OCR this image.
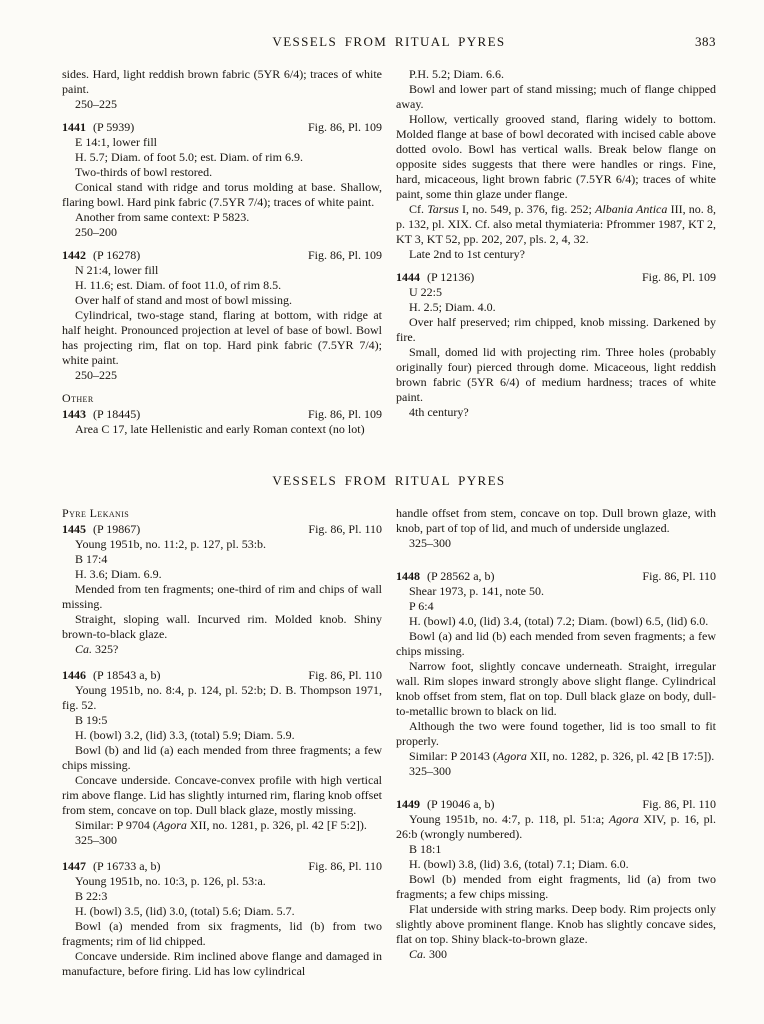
VESSELS FROM RITUAL PYRES	383

sides. Hard, light reddish brown fabric (5YR 6/4); traces of white paint.

250–225

1441 (P 5939)	Fig. 86, Pl. 109

E 14:1, lower fill

H. 5.7; Diam. of foot 5.0; est. Diam. of rim 6.9.

Two-thirds of bowl restored.

Conical stand with ridge and torus molding at base. Shallow, flaring bowl. Hard pink fabric (7.5YR 7/4); traces of white paint.

Another from same context: P 5823.

250–200

1442 (P 16278)	Fig. 86, Pl. 109

N 21:4, lower fill

H. 11.6; est. Diam. of foot 11.0, of rim 8.5.

Over half of stand and most of bowl missing.

Cylindrical, two-stage stand, flaring at bottom, with ridge at half height. Pronounced projection at level of base of bowl. Bowl has projecting rim, flat on top. Hard pink fabric (7.5YR 7/4); white paint.

250–225

Other
1443 (P 18445)	Fig. 86, Pl. 109

Area C 17, late Hellenistic and early Roman context (no lot)

P.H. 5.2; Diam. 6.6.

Bowl and lower part of stand missing; much of flange chipped away.

Hollow, vertically grooved stand, flaring widely to bottom. Molded flange at base of bowl decorated with incised cable above dotted ovolo. Bowl has vertical walls. Break below flange on opposite sides suggests that there were handles or rings. Fine, hard, micaceous, light brown fabric (7.5YR 6/4); traces of white paint, some thin glaze under flange.

Cf. Tarsus I, no. 549, p. 376, fig. 252; Albania Antica III, no. 8, p. 132, pl. XIX. Cf. also metal thymiateria: Pfrommer 1987, KT 2, KT 3, KT 52, pp. 202, 207, pls. 2, 4, 32.

Late 2nd to 1st century?

1444 (P 12136)	Fig. 86, Pl. 109

U 22:5

H. 2.5; Diam. 4.0.

Over half preserved; rim chipped, knob missing. Darkened by fire.

Small, domed lid with projecting rim. Three holes (probably originally four) pierced through dome. Micaceous, light reddish brown fabric (5YR 6/4) of medium hardness; traces of white paint.

4th century?

VESSELS FROM RITUAL PYRES
Pyre Lekanis
1445 (P 19867)	Fig. 86, Pl. 110

Young 1951b, no. 11:2, p. 127, pl. 53:b.

B 17:4

H. 3.6; Diam. 6.9.

Mended from ten fragments; one-third of rim and chips of wall missing.

Straight, sloping wall. Incurved rim. Molded knob. Shiny brown-to-black glaze.

Ca. 325?

1446 (P 18543 a, b)	Fig. 86, Pl. 110

Young 1951b, no. 8:4, p. 124, pl. 52:b; D. B. Thompson 1971, fig. 52.

B 19:5

H. (bowl) 3.2, (lid) 3.3, (total) 5.9; Diam. 5.9.

Bowl (b) and lid (a) each mended from three fragments; a few chips missing.

Concave underside. Concave-convex profile with high vertical rim above flange. Lid has slightly inturned rim, flaring knob offset from stem, concave on top. Dull black glaze, mostly missing.

Similar: P 9704 (Agora XII, no. 1281, p. 326, pl. 42 [F 5:2]).

325–300

1447 (P 16733 a, b)	Fig. 86, Pl. 110

Young 1951b, no. 10:3, p. 126, pl. 53:a.

B 22:3

H. (bowl) 3.5, (lid) 3.0, (total) 5.6; Diam. 5.7.

Bowl (a) mended from six fragments, lid (b) from two fragments; rim of lid chipped.

Concave underside. Rim inclined above flange and damaged in manufacture, before firing. Lid has low cylindrical

handle offset from stem, concave on top. Dull brown glaze, with knob, part of top of lid, and much of underside unglazed.

325–300

1448 (P 28562 a, b)	Fig. 86, Pl. 110

Shear 1973, p. 141, note 50.

P 6:4

H. (bowl) 4.0, (lid) 3.4, (total) 7.2; Diam. (bowl) 6.5, (lid) 6.0.

Bowl (a) and lid (b) each mended from seven fragments; a few chips missing.

Narrow foot, slightly concave underneath. Straight, irregular wall. Rim slopes inward strongly above slight flange. Cylindrical knob offset from stem, flat on top. Dull black glaze on body, dull-to-metallic brown to black on lid.

Although the two were found together, lid is too small to fit properly.

Similar: P 20143 (Agora XII, no. 1282, p. 326, pl. 42 [B 17:5]).

325–300

1449 (P 19046 a, b)	Fig. 86, Pl. 110

Young 1951b, no. 4:7, p. 118, pl. 51:a; Agora XIV, p. 16, pl. 26:b (wrongly numbered).

B 18:1

H. (bowl) 3.8, (lid) 3.6, (total) 7.1; Diam. 6.0.

Bowl (b) mended from eight fragments, lid (a) from two fragments; a few chips missing.

Flat underside with string marks. Deep body. Rim projects only slightly above prominent flange. Knob has slightly concave sides, flat on top. Shiny black-to-brown glaze.

Ca. 300
